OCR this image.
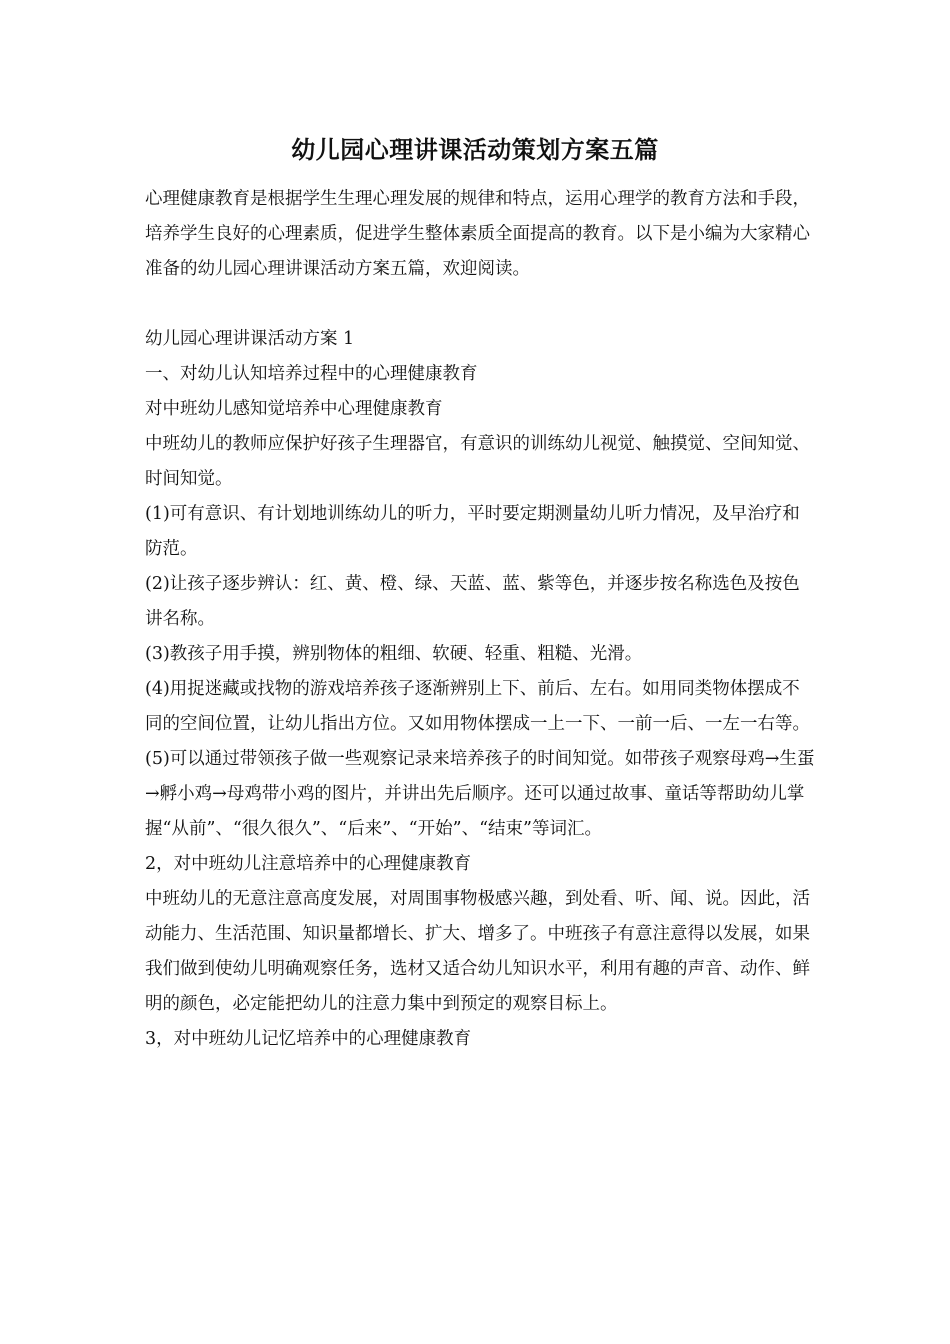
幼儿园心理讲课活动策划方案五篇

心理健康教育是根据学生生理心理发展的规律和特点，运用心理学的教育方法和手段，培养学生良好的心理素质，促进学生整体素质全面提高的教育。以下是小编为大家精心准备的幼儿园心理讲课活动方案五篇，欢迎阅读。

幼儿园心理讲课活动方案 1

一、对幼儿认知培养过程中的心理健康教育

对中班幼儿感知觉培养中心理健康教育

中班幼儿的教师应保护好孩子生理器官，有意识的训练幼儿视觉、触摸觉、空间知觉、时间知觉。

(1)可有意识、有计划地训练幼儿的听力，平时要定期测量幼儿听力情况，及早治疗和防范。

(2)让孩子逐步辨认：红、黄、橙、绿、天蓝、蓝、紫等色，并逐步按名称选色及按色讲名称。

(3)教孩子用手摸，辨别物体的粗细、软硬、轻重、粗糙、光滑。

(4)用捉迷藏或找物的游戏培养孩子逐渐辨别上下、前后、左右。如用同类物体摆成不同的空间位置，让幼儿指出方位。又如用物体摆成一上一下、一前一后、一左一右等。

(5)可以通过带领孩子做一些观察记录来培养孩子的时间知觉。如带孩子观察母鸡→生蛋→孵小鸡→母鸡带小鸡的图片，并讲出先后顺序。还可以通过故事、童话等帮助幼儿掌握“从前”、“很久很久”、“后来”、“开始”、“结束”等词汇。

2，对中班幼儿注意培养中的心理健康教育

中班幼儿的无意注意高度发展，对周围事物极感兴趣，到处看、听、闻、说。因此，活动能力、生活范围、知识量都增长、扩大、增多了。中班孩子有意注意得以发展，如果我们做到使幼儿明确观察任务，选材又适合幼儿知识水平，利用有趣的声音、动作、鲜明的颜色，必定能把幼儿的注意力集中到预定的观察目标上。

3，对中班幼儿记忆培养中的心理健康教育
